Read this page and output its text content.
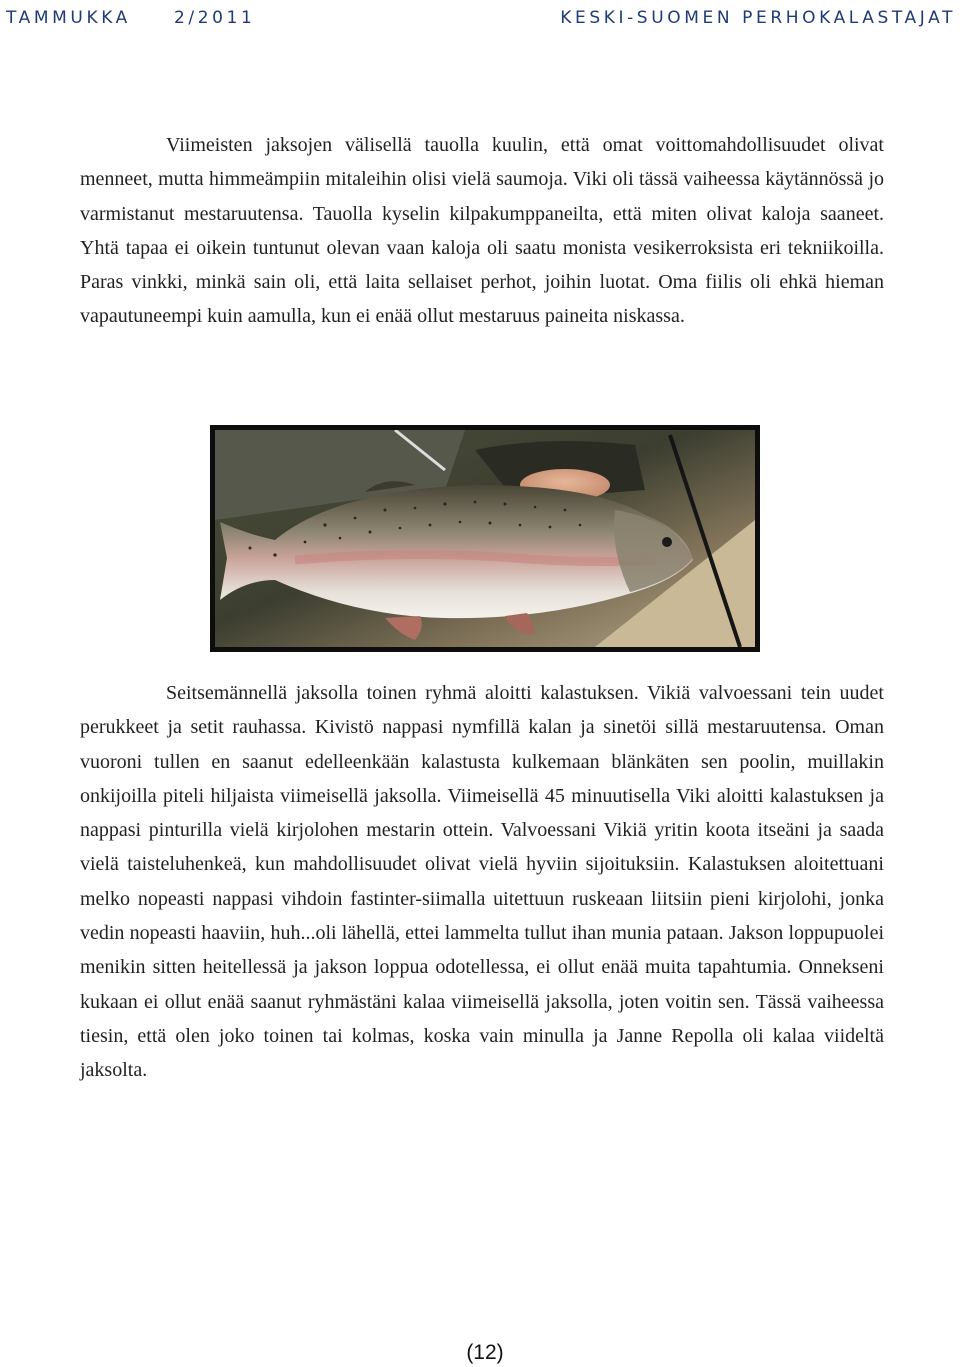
TAMMUKKA	2/2011	KESKI-SUOMEN PERHOKALASTAJAT
Viimeisten jaksojen välisellä tauolla kuulin, että omat voittomahdollisuudet olivat menneet, mutta himmeämpiin mitaleihin olisi vielä saumoja. Viki oli tässä vaiheessa käytännössä jo varmistanut mestaruutensa. Tauolla kyselin kilpakumppaneilta, että miten olivat kaloja saaneet. Yhtä tapaa ei oikein tuntunut olevan vaan kaloja oli saatu monista vesikerroksista eri tekniikoilla. Paras vinkki, minkä sain oli, että laita sellaiset perhot, joihin luotat. Oma fiilis oli ehkä hieman vapautuneempi kuin aamulla, kun ei enää ollut mestaruus paineita niskassa.
Seitsemännellä jaksolla toinen ryhmä aloitti kalastuksen. Vikiä valvoessani tein uudet perukkeet ja setit rauhassa. Kivistö nappasi nymfillä kalan ja sinetöi sillä mestaruutensa. Oman vuoroni tullen en saanut edelleenkään kalastusta kulkemaan blänkäten sen poolin, muillakin onkijoilla piteli hiljaista viimeisellä jaksolla. Viimeisellä 45 minuutisella Viki aloitti kalastuksen ja nappasi pinturilla vielä kirjolohen mestarin ottein. Valvoessani Vikiä yritin koota itseäni ja saada vielä taisteluhenkeä, kun mahdollisuudet olivat vielä hyviin sijoituksiin. Kalastuksen aloitettuani melko nopeasti nappasi vihdoin fastinter-siimalla uitettuun ruskeaan liitsiin pieni kirjolohi, jonka vedin nopeasti haaviin, huh...oli lähellä, ettei lammelta tullut ihan munia pataan. Jakson loppupuolei menikin sitten heitellessä ja jakson loppua odotellessa, ei ollut enää muita tapahtumia. Onnekseni kukaan ei ollut enää saanut ryhmästäni kalaa viimeisellä jaksolla, joten voitin sen. Tässä vaiheessa tiesin, että olen joko toinen tai kolmas, koska vain minulla ja Janne Repolla oli kalaa viideltä jaksolta.
(12)
